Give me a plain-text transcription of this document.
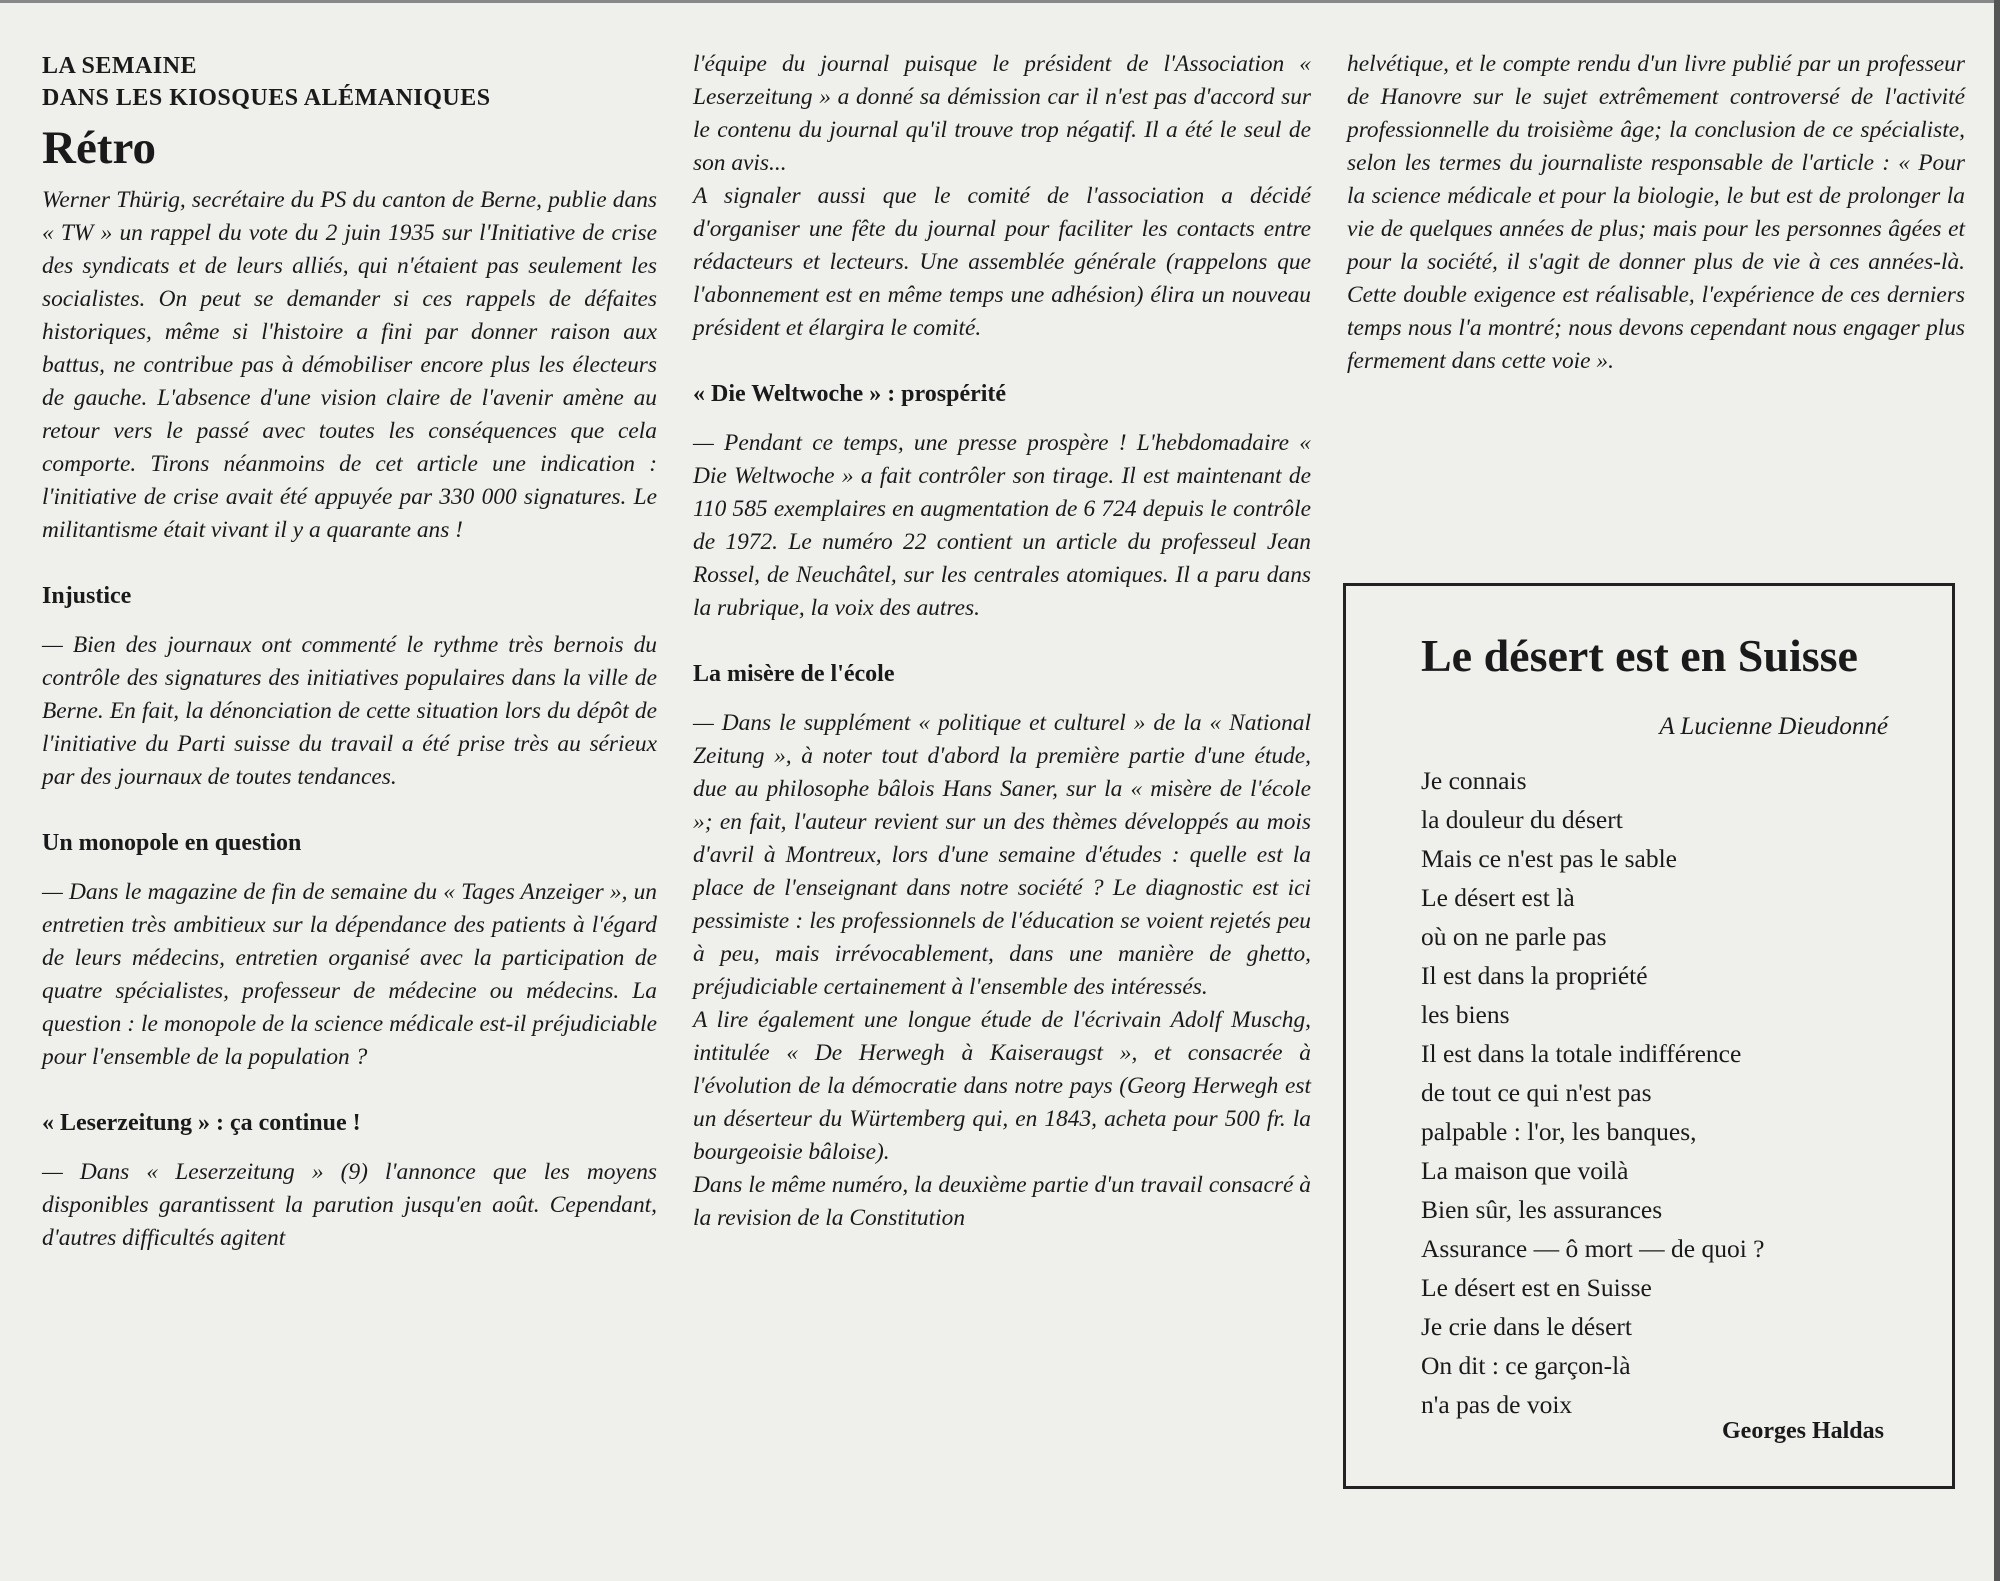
LA SEMAINE
DANS LES KIOSQUES ALÉMANIQUES
Rétro

Werner Thürig, secrétaire du PS du canton de Berne, publie dans « TW » un rappel du vote du 2 juin 1935 sur l'Initiative de crise des syndicats et de leurs alliés, qui n'étaient pas seulement les socialistes. On peut se demander si ces rappels de défaites historiques, même si l'histoire a fini par donner raison aux battus, ne contribue pas à démobiliser encore plus les électeurs de gauche. L'absence d'une vision claire de l'avenir amène au retour vers le passé avec toutes les conséquences que cela comporte. Tirons néanmoins de cet article une indication : l'initiative de crise avait été appuyée par 330 000 signatures. Le militantisme était vivant il y a quarante ans !

Injustice

— Bien des journaux ont commenté le rythme très bernois du contrôle des signatures des initiatives populaires dans la ville de Berne. En fait, la dénonciation de cette situation lors du dépôt de l'initiative du Parti suisse du travail a été prise très au sérieux par des journaux de toutes tendances.

Un monopole en question

— Dans le magazine de fin de semaine du « Tages Anzeiger », un entretien très ambitieux sur la dépendance des patients à l'égard de leurs médecins, entretien organisé avec la participation de quatre spécialistes, professeur de médecine ou médecins. La question : le monopole de la science médicale est-il préjudiciable pour l'ensemble de la population ?

« Leserzeitung » : ça continue !

— Dans « Leserzeitung » (9) l'annonce que les moyens disponibles garantissent la parution jusqu'en août. Cependant, d'autres difficultés agitent

l'équipe du journal puisque le président de l'Association « Leserzeitung » a donné sa démission car il n'est pas d'accord sur le contenu du journal qu'il trouve trop négatif. Il a été le seul de son avis...

A signaler aussi que le comité de l'association a décidé d'organiser une fête du journal pour faciliter les contacts entre rédacteurs et lecteurs. Une assemblée générale (rappelons que l'abonnement est en même temps une adhésion) élira un nouveau président et élargira le comité.

« Die Weltwoche » : prospérité

— Pendant ce temps, une presse prospère ! L'hebdomadaire « Die Weltwoche » a fait contrôler son tirage. Il est maintenant de 110 585 exemplaires en augmentation de 6 724 depuis le contrôle de 1972. Le numéro 22 contient un article du professeul Jean Rossel, de Neuchâtel, sur les centrales atomiques. Il a paru dans la rubrique, la voix des autres.

La misère de l'école

— Dans le supplément « politique et culturel » de la « National Zeitung », à noter tout d'abord la première partie d'une étude, due au philosophe bâlois Hans Saner, sur la « misère de l'école »; en fait, l'auteur revient sur un des thèmes développés au mois d'avril à Montreux, lors d'une semaine d'études : quelle est la place de l'enseignant dans notre société ? Le diagnostic est ici pessimiste : les professionnels de l'éducation se voient rejetés peu à peu, mais irrévocablement, dans une manière de ghetto, préjudiciable certainement à l'ensemble des intéressés.

A lire également une longue étude de l'écrivain Adolf Muschg, intitulée « De Herwegh à Kaiseraugst », et consacrée à l'évolution de la démocratie dans notre pays (Georg Herwegh est un déserteur du Würtemberg qui, en 1843, acheta pour 500 fr. la bourgeoisie bâloise).

Dans le même numéro, la deuxième partie d'un travail consacré à la revision de la Constitution

helvétique, et le compte rendu d'un livre publié par un professeur de Hanovre sur le sujet extrêmement controversé de l'activité professionnelle du troisième âge; la conclusion de ce spécialiste, selon les termes du journaliste responsable de l'article : « Pour la science médicale et pour la biologie, le but est de prolonger la vie de quelques années de plus; mais pour les personnes âgées et pour la société, il s'agit de donner plus de vie à ces années-là. Cette double exigence est réalisable, l'expérience de ces derniers temps nous l'a montré; nous devons cependant nous engager plus fermement dans cette voie ».

Le désert est en Suisse
A Lucienne Dieudonné
Je connais
la douleur du désert
Mais ce n'est pas le sable
Le désert est là
où on ne parle pas
Il est dans la propriété
les biens
Il est dans la totale indifférence
de tout ce qui n'est pas
palpable : l'or, les banques,
La maison que voilà
Bien sûr, les assurances
Assurance — ô mort — de quoi ?
Le désert est en Suisse
Je crie dans le désert
On dit : ce garçon-là
n'a pas de voix
Georges Haldas
